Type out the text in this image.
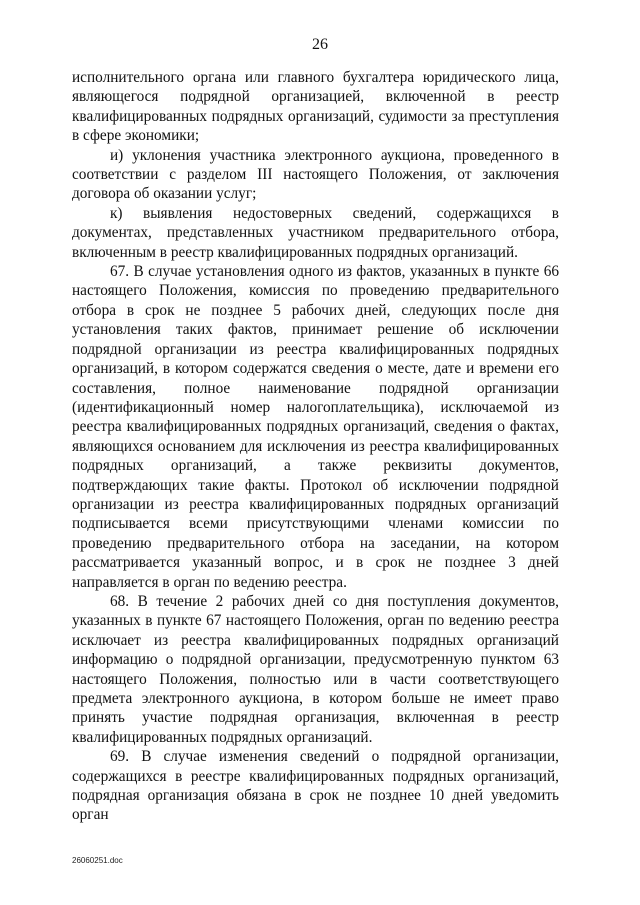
26

исполнительного органа или главного бухгалтера юридического лица, являющегося подрядной организацией, включенной в реестр квалифицированных подрядных организаций, судимости за преступления в сфере экономики;

и) уклонения участника электронного аукциона, проведенного в соответствии с разделом III настоящего Положения, от заключения договора об оказании услуг;

к) выявления недостоверных сведений, содержащихся в документах, представленных участником предварительного отбора, включенным в реестр квалифицированных подрядных организаций.

67. В случае установления одного из фактов, указанных в пункте 66 настоящего Положения, комиссия по проведению предварительного отбора в срок не позднее 5 рабочих дней, следующих после дня установления таких фактов, принимает решение об исключении подрядной организации из реестра квалифицированных подрядных организаций, в котором содержатся сведения о месте, дате и времени его составления, полное наименование подрядной организации (идентификационный номер налогоплательщика), исключаемой из реестра квалифицированных подрядных организаций, сведения о фактах, являющихся основанием для исключения из реестра квалифицированных подрядных организаций, а также реквизиты документов, подтверждающих такие факты. Протокол об исключении подрядной организации из реестра квалифицированных подрядных организаций подписывается всеми присутствующими членами комиссии по проведению предварительного отбора на заседании, на котором рассматривается указанный вопрос, и в срок не позднее 3 дней направляется в орган по ведению реестра.

68. В течение 2 рабочих дней со дня поступления документов, указанных в пункте 67 настоящего Положения, орган по ведению реестра исключает из реестра квалифицированных подрядных организаций информацию о подрядной организации, предусмотренную пунктом 63 настоящего Положения, полностью или в части соответствующего предмета электронного аукциона, в котором больше не имеет право принять участие подрядная организация, включенная в реестр квалифицированных подрядных организаций.

69. В случае изменения сведений о подрядной организации, содержащихся в реестре квалифицированных подрядных организаций, подрядная организация обязана в срок не позднее 10 дней уведомить орган

26060251.doc
